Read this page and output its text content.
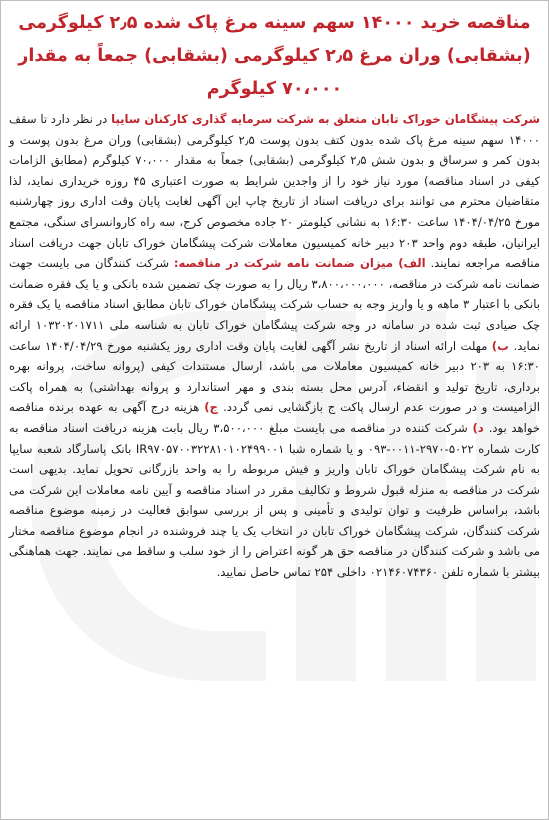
مناقصه خرید ۱۴۰۰۰ سهم سینه مرغ پاک شده ۲٫۵ کیلوگرمی (بشقابی) وران مرغ ۲٫۵ کیلوگرمی (بشقابی) جمعاً به مقدار ۷۰،۰۰۰ کیلوگرم

شرکت پیشگامان خوراک تابان متعلق به شرکت سرمایه گذاری کارکنان سایپا در نظر دارد تا سقف ۱۴۰۰۰ سهم سینه مرغ پاک شده بدون کتف بدون پوست ۲٫۵ کیلوگرمی (بشقابی) وران مرغ بدون پوست و بدون کمر و سرساق و بدون شش ۲٫۵ کیلوگرمی (بشقابی) جمعاً به مقدار ۷۰،۰۰۰ کیلوگرم (مطابق الزامات کیفی در اسناد مناقصه) مورد نیاز خود را از واجدین شرایط به صورت اعتباری ۴۵ روزه خریداری نماید، لذا متقاضیان محترم می توانند برای دریافت اسناد از تاریخ چاپ این آگهی لغایت پایان وقت اداری روز چهارشنبه مورخ ۱۴۰۴/۰۴/۲۵ ساعت ۱۶:۳۰ به نشانی کیلومتر ۲۰ جاده مخصوص کرج، سه راه کاروانسرای سنگی، مجتمع ایرانیان، طبقه دوم واحد ۲۰۳ دبیر خانه کمیسیون معاملات شرکت پیشگامان خوراک تابان جهت دریافت اسناد مناقصه مراجعه نمایند. الف) میزان ضمانت نامه شرکت در مناقصه: شرکت کنندگان می بایست جهت ضمانت نامه شرکت در مناقصه، ۳،۸۰۰،۰۰۰،۰۰۰ ریال را به صورت چک تضمین شده بانکی و یا یک فقره ضمانت بانکی با اعتبار ۳ ماهه و یا واریز وجه به حساب شرکت پیشگامان خوراک تابان مطابق اسناد مناقصه یا یک فقره چک صیادی ثبت شده در سامانه در وجه شرکت پیشگامان خوراک تابان به شناسه ملی ۱۰۳۲۰۲۰۱۷۱۱ ارائه نماید. ب) مهلت ارائه اسناد از تاریخ نشر آگهی لغایت پایان وقت اداری روز یکشنبه مورخ ۱۴۰۴/۰۴/۲۹ ساعت ۱۶:۳۰ به ۲۰۳ دبیر خانه کمیسیون معاملات می باشد، ارسال مستندات کیفی (پروانه ساخت، پروانه بهره برداری، تاریخ تولید و انقضاء، آدرس محل بسته بندی و مهر استاندارد و پروانه بهداشتی) به همراه پاکت الزامیست و در صورت عدم ارسال پاکت ج بازگشایی نمی گردد. ج) هزینه درج آگهی به عهده برنده مناقصه خواهد بود. د) شرکت کننده در مناقصه می بایست مبلغ ۳،۵۰۰،۰۰۰ ریال بابت هزینه دریافت اسناد مناقصه به کارت شماره ۵۰۲۲-۲۹۷۰-۰۰۱۱-۰۹۳ و یا شماره شبا IR۹۷۰۵۷۰۰۳۲۲۸۱۰۱۰۲۴۹۹۰۰۱ بانک پاسارگاد شعبه سایپا به نام شرکت پیشگامان خوراک تابان واریز و فیش مربوطه را به واحد بازرگانی تحویل نماید. بدیهی است شرکت در مناقصه به منزله قبول شروط و تکالیف مقرر در اسناد مناقصه و آیین نامه معاملات این شرکت می باشد، براساس ظرفیت و توان تولیدی و تأمینی و پس از بررسی سوابق فعالیت در زمینه موضوع مناقصه شرکت کنندگان، شرکت پیشگامان خوراک تابان در انتخاب یک یا چند فروشنده در انجام موضوع مناقصه مختار می باشد و شرکت کنندگان در مناقصه حق هر گونه اعتراض را از خود سلب و ساقط می نمایند. جهت هماهنگی بیشتر با شماره تلفن ۰۲۱۴۶۰۷۴۳۶۰ داخلی ۲۵۴ تماس حاصل نمایید.
